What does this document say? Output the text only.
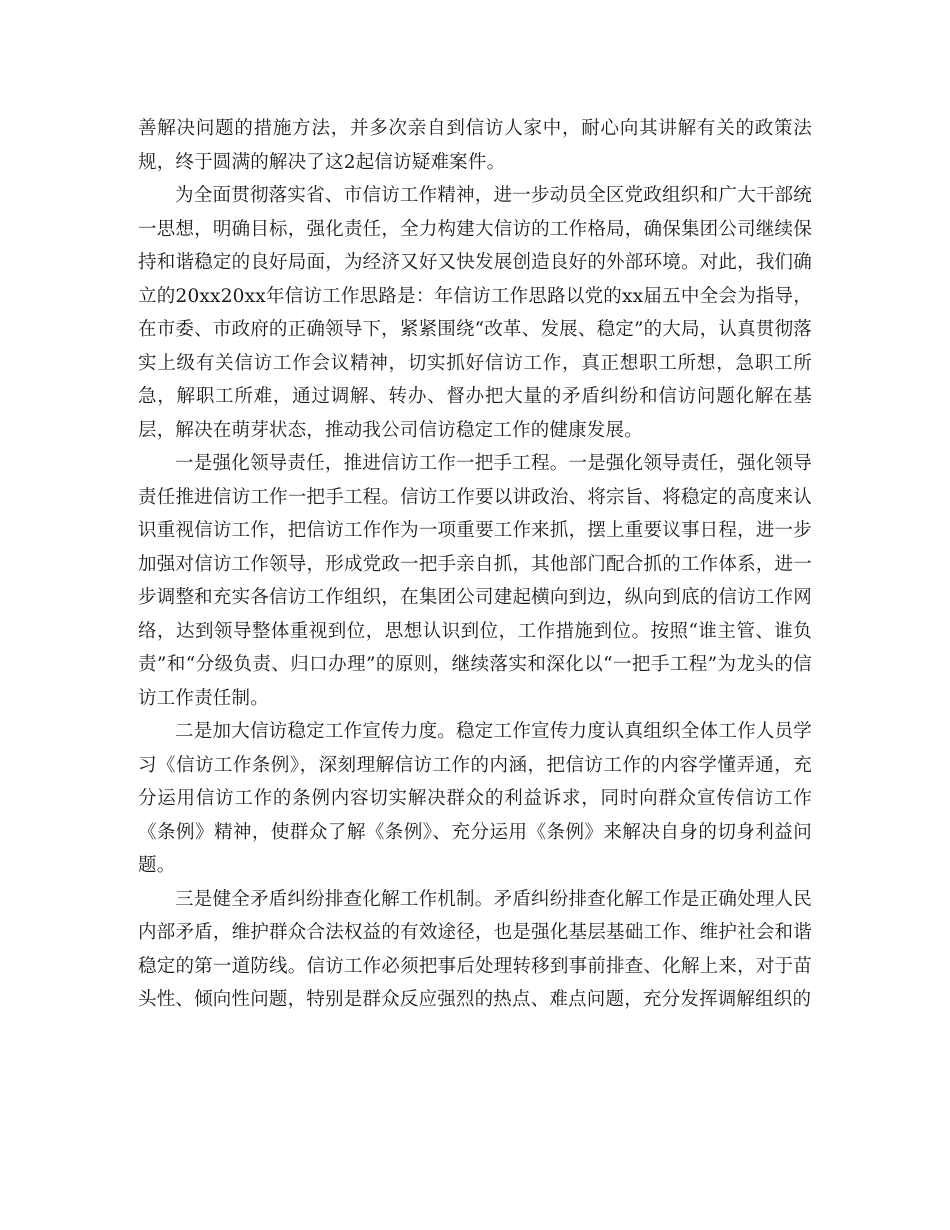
善解决问题的措施方法，并多次亲自到信访人家中，耐心向其讲解有关的政策法规，终于圆满的解决了这2起信访疑难案件。

为全面贯彻落实省、市信访工作精神，进一步动员全区党政组织和广大干部统一思想，明确目标，强化责任，全力构建大信访的工作格局，确保集团公司继续保持和谐稳定的良好局面，为经济又好又快发展创造良好的外部环境。对此，我们确立的20xx20xx年信访工作思路是：年信访工作思路以党的xx届五中全会为指导，在市委、市政府的正确领导下，紧紧围绕“改革、发展、稳定”的大局，认真贯彻落实上级有关信访工作会议精神，切实抓好信访工作，真正想职工所想，急职工所急，解职工所难，通过调解、转办、督办把大量的矛盾纠纷和信访问题化解在基层，解决在萌芽状态，推动我公司信访稳定工作的健康发展。

一是强化领导责任，推进信访工作一把手工程。一是强化领导责任，强化领导责任推进信访工作一把手工程。信访工作要以讲政治、将宗旨、将稳定的高度来认识重视信访工作，把信访工作作为一项重要工作来抓，摆上重要议事日程，进一步加强对信访工作领导，形成党政一把手亲自抓，其他部门配合抓的工作体系，进一步调整和充实各信访工作组织，在集团公司建起横向到边，纵向到底的信访工作网络，达到领导整体重视到位，思想认识到位，工作措施到位。按照“谁主管、谁负责”和“分级负责、归口办理”的原则，继续落实和深化以“一把手工程”为龙头的信访工作责任制。

二是加大信访稳定工作宣传力度。稳定工作宣传力度认真组织全体工作人员学习《信访工作条例》，深刻理解信访工作的内涵，把信访工作的内容学懂弄通，充分运用信访工作的条例内容切实解决群众的利益诉求，同时向群众宣传信访工作《条例》精神，使群众了解《条例》、充分运用《条例》来解决自身的切身利益问题。

三是健全矛盾纠纷排查化解工作机制。矛盾纠纷排查化解工作是正确处理人民内部矛盾，维护群众合法权益的有效途径，也是强化基层基础工作、维护社会和谐稳定的第一道防线。信访工作必须把事后处理转移到事前排查、化解上来，对于苗头性、倾向性问题，特别是群众反应强烈的热点、难点问题，充分发挥调解组织的
